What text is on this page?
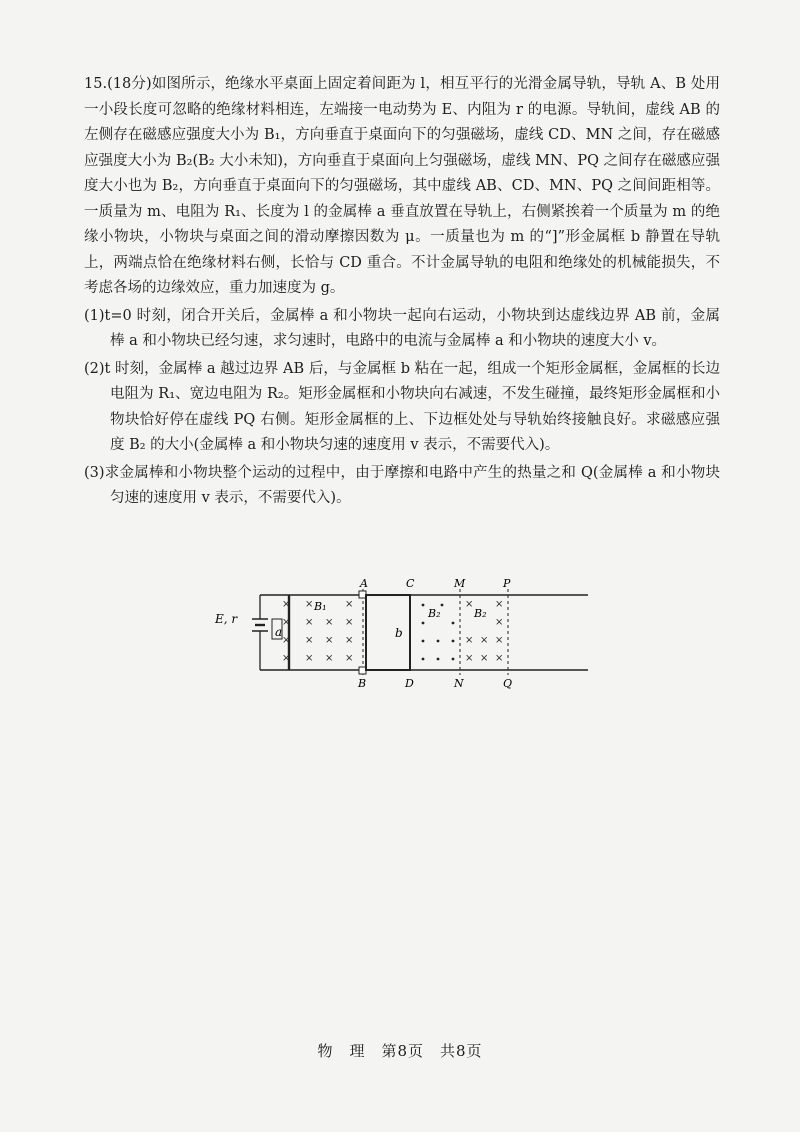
15.(18分)如图所示，绝缘水平桌面上固定着间距为 l，相互平行的光滑金属导轨，导轨 A、B 处用一小段长度可忽略的绝缘材料相连，左端接一电动势为 E、内阻为 r 的电源。导轨间，虚线 AB 的左侧存在磁感应强度大小为 B₁，方向垂直于桌面向下的匀强磁场，虚线 CD、MN 之间，存在磁感应强度大小为 B₂(B₂ 大小未知)，方向垂直于桌面向上匀强磁场，虚线 MN、PQ 之间存在磁感应强度大小也为 B₂，方向垂直于桌面向下的匀强磁场，其中虚线 AB、CD、MN、PQ 之间间距相等。一质量为 m、电阻为 R₁、长度为 l 的金属棒 a 垂直放置在导轨上，右侧紧挨着一个质量为 m 的绝缘小物块，小物块与桌面之间的滑动摩擦因数为 μ。一质量也为 m 的“]”形金属框 b 静置在导轨上，两端点恰在绝缘材料右侧，长恰与 CD 重合。不计金属导轨的电阻和绝缘处的机械能损失，不考虑各场的边缘效应，重力加速度为 g。

(1)t=0 时刻，闭合开关后，金属棒 a 和小物块一起向右运动，小物块到达虚线边界 AB 前，金属棒 a 和小物块已经匀速，求匀速时，电路中的电流与金属棒 a 和小物块的速度大小 v。

(2)t 时刻，金属棒 a 越过边界 AB 后，与金属框 b 粘在一起，组成一个矩形金属框，金属框的长边电阻为 R₁、宽边电阻为 R₂。矩形金属框和小物块向右减速，不发生碰撞，最终矩形金属框和小物块恰好停在虚线 PQ 右侧。矩形金属框的上、下边框处处与导轨始终接触良好。求磁感应强度 B₂ 的大小(金属棒 a 和小物块匀速的速度用 v 表示，不需要代入)。

(3)求金属棒和小物块整个运动的过程中，由于摩擦和电路中产生的热量之和 Q(金属棒 a 和小物块匀速的速度用 v 表示，不需要代入)。

E, r
a
×
×
×
×
×
×
×
×
×
×
×
×
×
×
×
B₁
b
B₂
× ×
×
× × ×
× × ×
B₂
A	C	M	P
B	D	N	Q
物　理　第8页　共8页
